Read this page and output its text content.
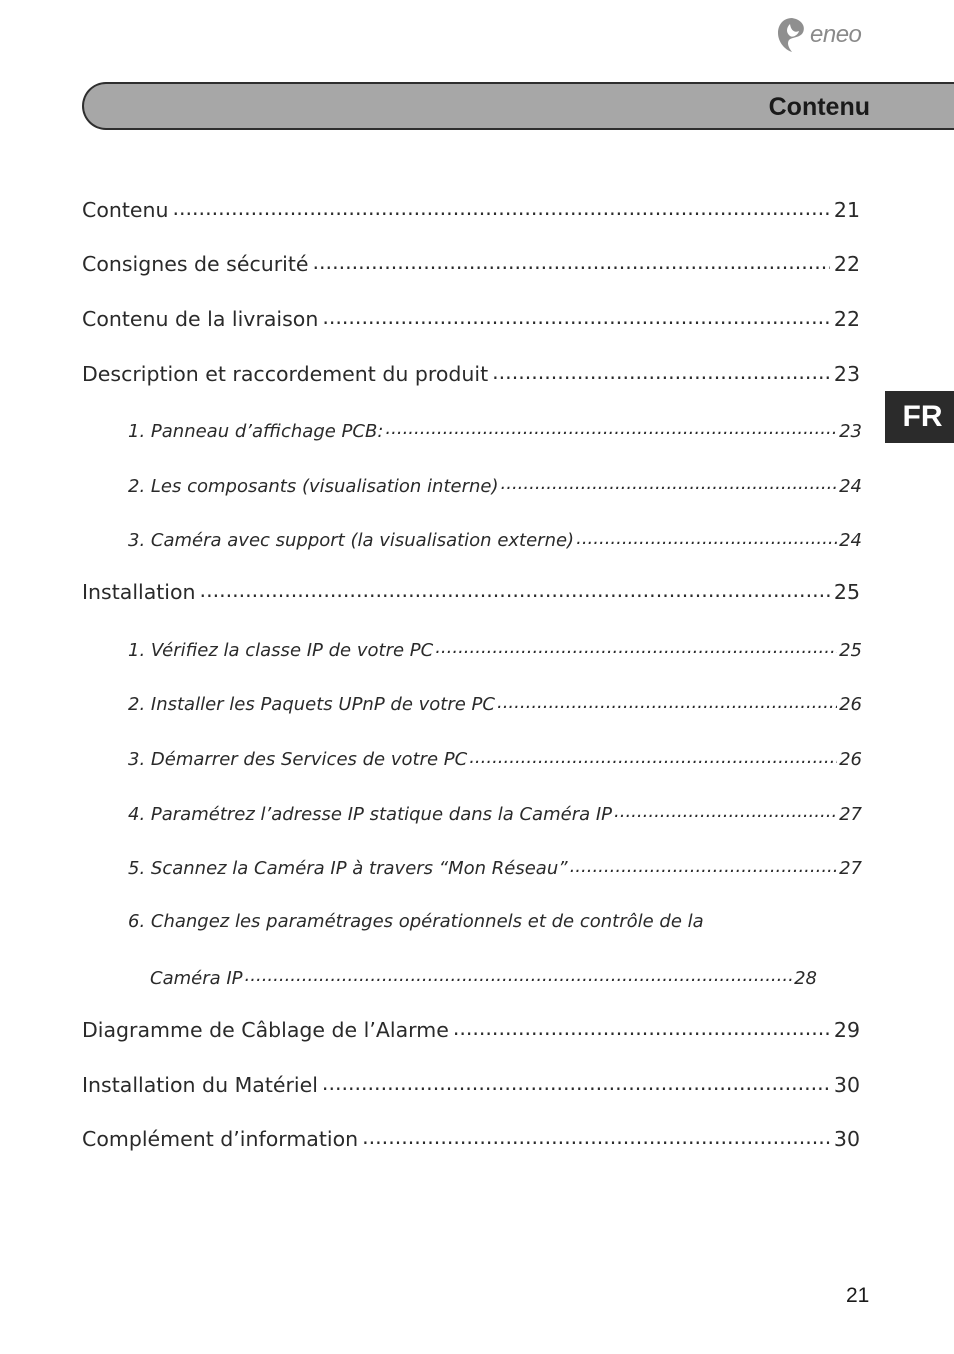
eneo
Contenu
FR
Contenu .....	21
Consignes de sécurité .....	22
Contenu de la livraison .....	22
Description et raccordement du produit .....	23
1. Panneau d’affichage PCB: .....	23
2. Les composants (visualisation interne) .....	24
3. Caméra avec support (la visualisation externe) .....	24
Installation .....	25
1. Vérifiez la classe IP de votre PC .....	25
2. Installer les Paquets UPnP de votre PC .....	26
3. Démarrer des Services de votre PC .....	26
4. Paramétrez l’adresse IP statique dans la Caméra IP .....	27
5. Scannez la Caméra IP à travers “Mon Réseau” .....	27
6. Changez les paramétrages opérationnels et de contrôle de la
Caméra IP .....	28
Diagramme de Câblage de l’Alarme .....	29
Installation du Matériel .....	30
Complément d’information .....	30
21
